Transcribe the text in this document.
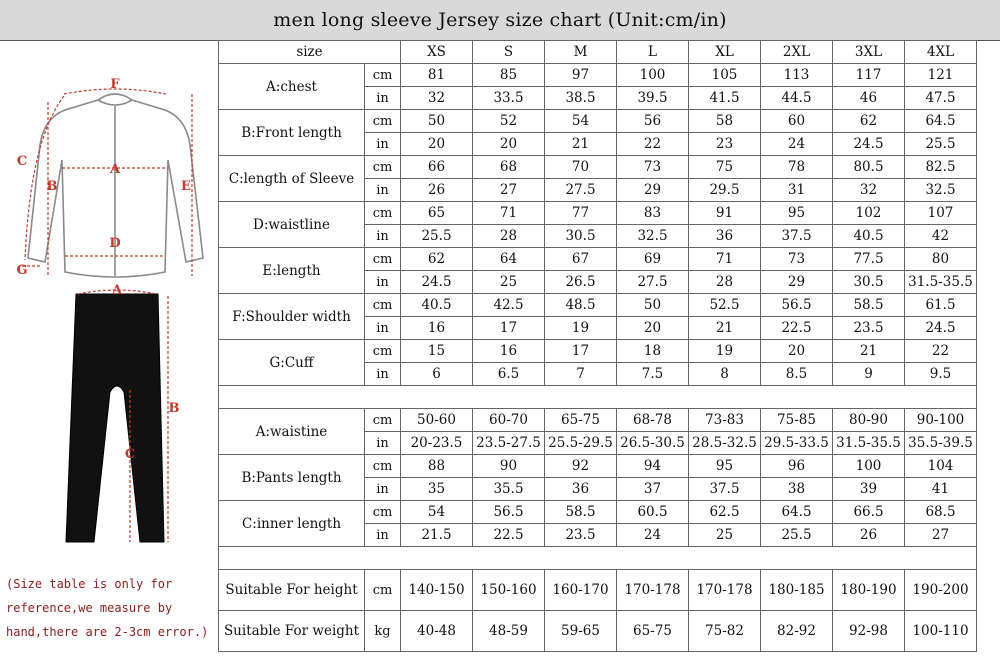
men long sleeve Jersey size chart (Unit:cm/in)
F
A
D
C
B	E
G
A
B
C
(Size table is only for
reference,we measure by
hand,there are 2-3cm error.)
size		XS	S	M	L	XL	2XL	3XL	4XL
A:chest	cm	81	85	97	100	105	113	117	121
	in	32	33.5	38.5	39.5	41.5	44.5	46	47.5
B:Front length	cm	50	52	54	56	58	60	62	64.5
	in	20	20	21	22	23	24	24.5	25.5
C:length of Sleeve	cm	66	68	70	73	75	78	80.5	82.5
	in	26	27	27.5	29	29.5	31	32	32.5
D:waistline	cm	65	71	77	83	91	95	102	107
	in	25.5	28	30.5	32.5	36	37.5	40.5	42
E:length	cm	62	64	67	69	71	73	77.5	80
	in	24.5	25	26.5	27.5	28	29	30.5	31.5-35.5
F:Shoulder width	cm	40.5	42.5	48.5	50	52.5	56.5	58.5	61.5
	in	16	17	19	20	21	22.5	23.5	24.5
G:Cuff	cm	15	16	17	18	19	20	21	22
	in	6	6.5	7	7.5	8	8.5	9	9.5

A:waistine	cm	50-60	60-70	65-75	68-78	73-83	75-85	80-90	90-100
	in	20-23.5	23.5-27.5	25.5-29.5	26.5-30.5	28.5-32.5	29.5-33.5	31.5-35.5	35.5-39.5
B:Pants length	cm	88	90	92	94	95	96	100	104
	in	35	35.5	36	37	37.5	38	39	41
C:inner length	cm	54	56.5	58.5	60.5	62.5	64.5	66.5	68.5
	in	21.5	22.5	23.5	24	25	25.5	26	27

Suitable For height	cm	140-150	150-160	160-170	170-178	170-178	180-185	180-190	190-200
Suitable For weight	kg	40-48	48-59	59-65	65-75	75-82	82-92	92-98	100-110
